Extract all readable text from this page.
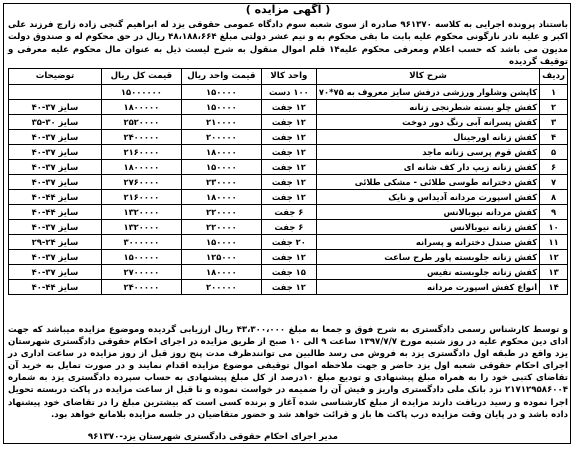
( آگهی مزایده )

باستناد پرونده اجرایی به کلاسه ۹۶۱۳۷۰ صادره از سوی شعبه سوم دادگاه عمومی حقوقی یزد له ابراهیم گنجی زاده زارچ فرزند علی اکبر و علیه نادر نارگونی محکوم علیه بابت ما بقی محکوم به و نیم عشر دولتی مبلغ ۴۸،۱۸۸،۶۶۴ ریال در حق محکوم له و صندوق دولت مدیون می باشد که حسب اعلام ومعرفی محکوم علیه۱۴ قلم اموال منقول به شرح لیست ذیل به عنوان مال محکوم علیه معرفی و توقیف گردیده

ردیف	شرح کالا	واحد کالا	قیمت واحد ریال	قیمت کل ریال	توضیحات
۱	کاپشن وشلوار ورزشی درفش سایز معروف به ۷۵*۷۰	۱۰۰ دست	۱۵۰۰۰۰	۱۵۰۰۰۰۰۰	
۲	کفش چلو بسته شطرنجی زنانه	۱۲ جفت	۱۵۰۰۰۰	۱۸۰۰۰۰۰	سایز ۳۷-۴۰
۳	کفش پسرانه آبی رنگ دور دوخت	۱۲ جفت	۲۱۰۰۰۰	۲۵۲۰۰۰۰	سایز ۳۰-۳۵
۴	کفش زنانه اورجینال	۱۲ جفت	۲۰۰۰۰۰	۲۴۰۰۰۰۰	سایز ۳۷-۴۰
۵	کفش قوم پرسی زنانه ماجد	۱۲ جفت	۱۸۰۰۰۰	۲۱۶۰۰۰۰	سایز ۳۷-۴۰
۶	کفش زنانه زیپ دار کف شانه ای	۱۲ جفت	۱۵۰۰۰۰	۱۸۰۰۰۰۰	سایز ۳۷-۴۰
۷	کفش دخترانه طوسی طلائی - مشکی طلائی	۱۲ جفت	۲۳۰۰۰۰	۲۷۶۰۰۰۰	سایز ۳۷-۴۰
۸	کفش اسپورت مردانه آدیداس و نایک	۱۲ جفت	۱۸۰۰۰۰	۲۱۶۰۰۰۰	سایز ۴۴-۴۰
۹	کفش مردانه نیوبالانس	۶ جفت	۲۲۰۰۰۰	۱۳۲۰۰۰۰	سایز ۴۴-۴۰
۱۰	کفش زنانه نیوبالانس	۶ جفت	۲۲۰۰۰۰	۱۳۲۰۰۰۰	سایز ۳۷-۴۰
۱۱	کفش صندل دخترانه و پسرانه	۲۰ جفت	۱۵۰۰۰۰	۳۰۰۰۰۰۰	سایز ۲۴-۲۹
۱۲	کفش زنانه جلوبسته پاور طرح ساعت	۱۲ جفت	۱۲۵۰۰۰	۱۵۰۰۰۰۰	سایز ۳۷-۴۰
۱۳	کفش زنانه جلوبسته نفیس	۱۵ جفت	۱۸۰۰۰۰	۲۷۰۰۰۰۰	سایز ۳۷-۴۰
۱۴	انواع کفش اسپورت مردانه	۱۲ جفت	۲۰۰۰۰۰	۲۴۰۰۰۰۰	سایز ۴۴-۴۰

و توسط کارشناس رسمی دادگستری به شرح فوق و جمعا به مبلغ ۴۳،۳۰۰،۰۰۰ ریال ارزیابی گردیده وموضوع مزایده میباشد که جهت ادای دین محکوم علیه در روز شنبه مورخ ۱۳۹۷/۷/۷ ساعت ۹ الی ۱۰ صبح از طریق مزایده در اجرای احکام حقوقی دادگستری شهرستان یزد واقع در طبقه اول دادگستری یزد به فروش می رسد طالبین می توانندظرف مدت پنج روز قبل از روز مزایده در ساعت اداری در اجرای احکام حقوقی شعبه اول یزد حاضر و جهت ملاحظه اموال توقیفی موضوع مزایده اقدام نمایند و در صورت تمایل به خرید آن تقاضای کتبی خود را به همراه مبلغ پیشنهادی و تودیع مبلغ ۱۰درصد از کل مبلغ پیشنهادی به حساب سپرده دادگستری یزد به شماره ۲۱۷۱۲۹۵۸۶۰۰۴ نزد بانک ملی دادگستری واریز و فیش آن را ضمیمه در خواست نموده و تا قبل از ساعت مزایده در پاکت دربسته تحویل اجرا نموده و رسید دریافت دارند مزایده از مبلغ کارشناسی شده آغاز و برنده کسی است که بیشترین مبلغ را در تقاضای خود پیشنهاد داده باشد و در پایان وقت مزایده درب پاکت ها باز و قرائت خواهد شد و حضور متقاضیان در جلسه مزایده بلامانع خواهد بود.

مدیر اجرای احکام حقوقی دادگستری شهرستان یزد-۹۶۱۳۷۰
